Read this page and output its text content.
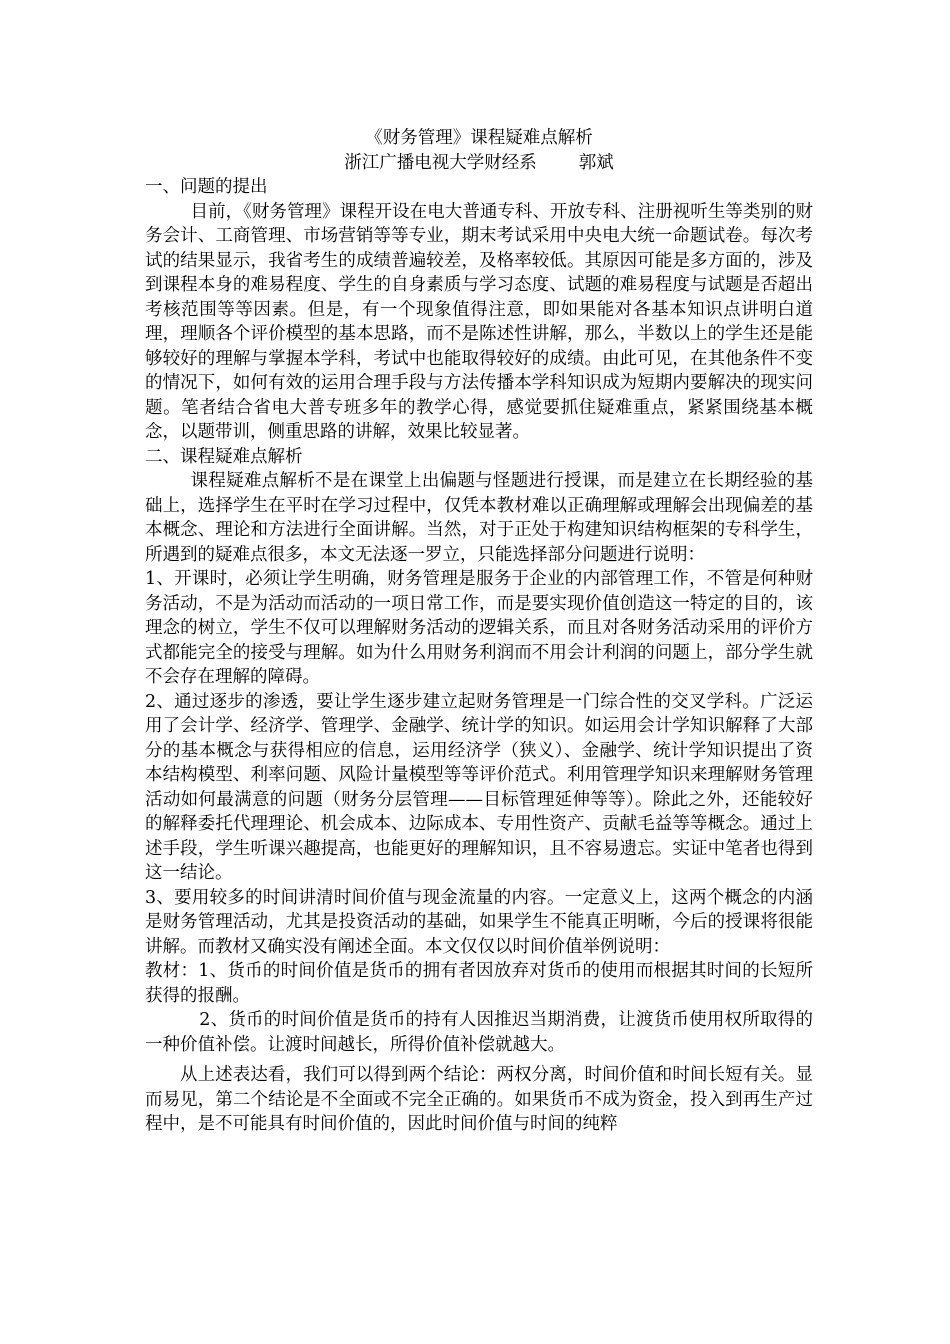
《财务管理》课程疑难点解析
浙江广播电视大学财经系 郭斌
一、问题的提出

目前，《财务管理》课程开设在电大普通专科、开放专科、注册视听生等类别的财务会计、工商管理、市场营销等等专业，期末考试采用中央电大统一命题试卷。每次考试的结果显示，我省考生的成绩普遍较差，及格率较低。其原因可能是多方面的，涉及到课程本身的难易程度、学生的自身素质与学习态度、试题的难易程度与试题是否超出考核范围等等因素。但是，有一个现象值得注意，即如果能对各基本知识点讲明白道理，理顺各个评价模型的基本思路，而不是陈述性讲解，那么，半数以上的学生还是能够较好的理解与掌握本学科，考试中也能取得较好的成绩。由此可见，在其他条件不变的情况下，如何有效的运用合理手段与方法传播本学科知识成为短期内要解决的现实问题。笔者结合省电大普专班多年的教学心得，感觉要抓住疑难重点，紧紧围绕基本概念，以题带训，侧重思路的讲解，效果比较显著。

二、课程疑难点解析

课程疑难点解析不是在课堂上出偏题与怪题进行授课，而是建立在长期经验的基础上，选择学生在平时在学习过程中，仅凭本教材难以正确理解或理解会出现偏差的基本概念、理论和方法进行全面讲解。当然，对于正处于构建知识结构框架的专科学生，所遇到的疑难点很多，本文无法逐一罗立，只能选择部分问题进行说明：

1、开课时，必须让学生明确，财务管理是服务于企业的内部管理工作，不管是何种财务活动，不是为活动而活动的一项日常工作，而是要实现价值创造这一特定的目的，该理念的树立，学生不仅可以理解财务活动的逻辑关系，而且对各财务活动采用的评价方式都能完全的接受与理解。如为什么用财务利润而不用会计利润的问题上，部分学生就不会存在理解的障碍。

2、通过逐步的渗透，要让学生逐步建立起财务管理是一门综合性的交叉学科。广泛运用了会计学、经济学、管理学、金融学、统计学的知识。如运用会计学知识解释了大部分的基本概念与获得相应的信息，运用经济学（狭义）、金融学、统计学知识提出了资本结构模型、利率问题、风险计量模型等等评价范式。利用管理学知识来理解财务管理活动如何最满意的问题（财务分层管理——目标管理延伸等等）。除此之外，还能较好的解释委托代理理论、机会成本、边际成本、专用性资产、贡献毛益等等概念。通过上述手段，学生听课兴趣提高，也能更好的理解知识，且不容易遗忘。实证中笔者也得到这一结论。

3、要用较多的时间讲清时间价值与现金流量的内容。一定意义上，这两个概念的内涵是财务管理活动，尤其是投资活动的基础，如果学生不能真正明晰，今后的授课将很能讲解。而教材又确实没有阐述全面。本文仅仅以时间价值举例说明：

教材：1、货币的时间价值是货币的拥有者因放弃对货币的使用而根据其时间的长短所获得的报酬。

2、货币的时间价值是货币的持有人因推迟当期消费，让渡货币使用权所取得的一种价值补偿。让渡时间越长，所得价值补偿就越大。

从上述表达看，我们可以得到两个结论：两权分离，时间价值和时间长短有关。显而易见，第二个结论是不全面或不完全正确的。如果货币不成为资金，投入到再生产过程中，是不可能具有时间价值的，因此时间价值与时间的纯粹
